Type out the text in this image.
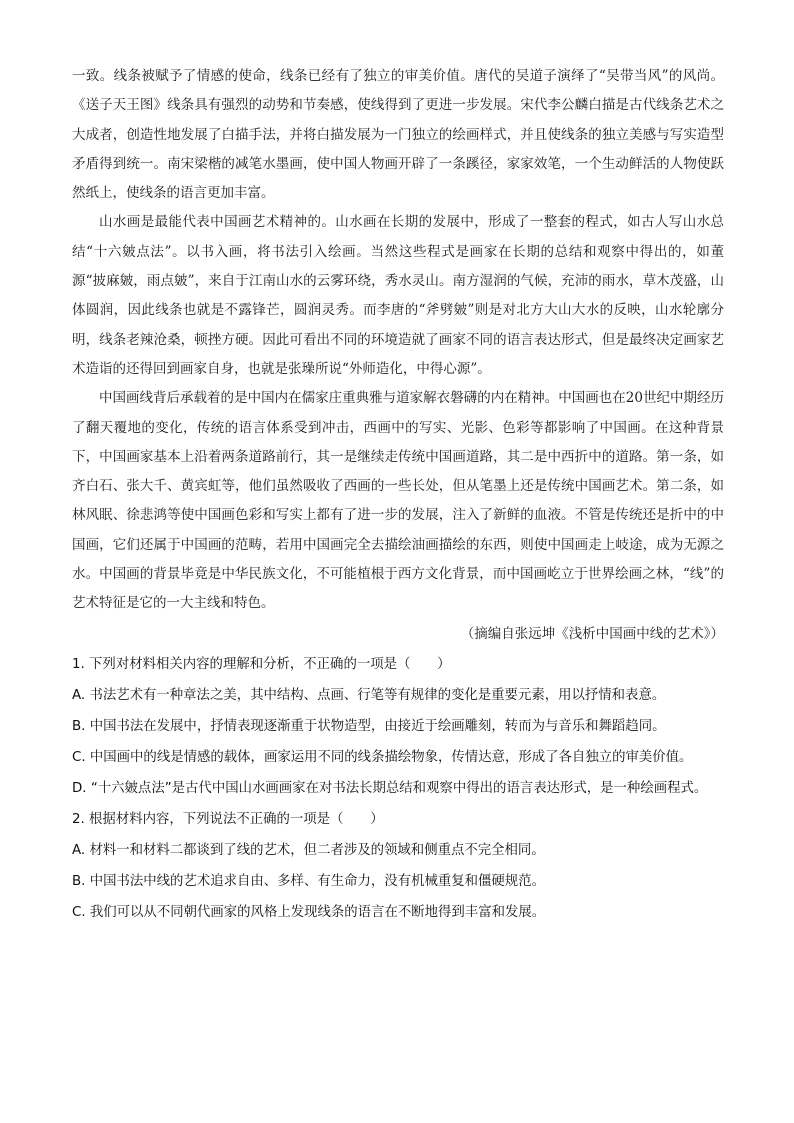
一致。线条被赋予了情感的使命，线条已经有了独立的审美价值。唐代的吴道子演绎了“吴带当风”的风尚。《送子天王图》线条具有强烈的动势和节奏感，使线得到了更进一步发展。宋代李公麟白描是古代线条艺术之大成者，创造性地发展了白描手法，并将白描发展为一门独立的绘画样式，并且使线条的独立美感与写实造型矛盾得到统一。南宋梁楷的减笔水墨画，使中国人物画开辟了一条蹊径，家家效笔，一个生动鲜活的人物使跃然纸上，使线条的语言更加丰富。

山水画是最能代表中国画艺术精神的。山水画在长期的发展中，形成了一整套的程式，如古人写山水总结“十六皴点法”。以书入画，将书法引入绘画。当然这些程式是画家在长期的总结和观察中得出的，如董源“披麻皴，雨点皴”，来自于江南山水的云雾环绕，秀水灵山。南方湿润的气候，充沛的雨水，草木茂盛，山体圆润，因此线条也就是不露锋芒，圆润灵秀。而李唐的“斧劈皴”则是对北方大山大水的反映，山水轮廓分明，线条老辣沧桑，顿挫方硬。因此可看出不同的环境造就了画家不同的语言表达形式，但是最终决定画家艺术造诣的还得回到画家自身，也就是张璪所说“外师造化，中得心源”。

中国画线背后承载着的是中国内在儒家庄重典雅与道家解衣磐礴的内在精神。中国画也在20世纪中期经历了翻天覆地的变化，传统的语言体系受到冲击，西画中的写实、光影、色彩等都影响了中国画。在这种背景下，中国画家基本上沿着两条道路前行，其一是继续走传统中国画道路，其二是中西折中的道路。第一条，如齐白石、张大千、黄宾虹等，他们虽然吸收了西画的一些长处，但从笔墨上还是传统中国画艺术。第二条，如林风眠、徐悲鸿等使中国画色彩和写实上都有了进一步的发展，注入了新鲜的血液。不管是传统还是折中的中国画，它们还属于中国画的范畴，若用中国画完全去描绘油画描绘的东西，则使中国画走上岐途，成为无源之水。中国画的背景毕竟是中华民族文化，不可能植根于西方文化背景，而中国画屹立于世界绘画之林，“线”的艺术特征是它的一大主线和特色。

（摘编自张远坤《浅析中国画中线的艺术》）

1. 下列对材料相关内容的理解和分析，不正确的一项是（　　）

A. 书法艺术有一种章法之美，其中结构、点画、行笔等有规律的变化是重要元素，用以抒情和表意。

B. 中国书法在发展中，抒情表现逐渐重于状物造型，由接近于绘画雕刻，转而为与音乐和舞蹈趋同。

C. 中国画中的线是情感的载体，画家运用不同的线条描绘物象，传情达意，形成了各自独立的审美价值。

D. “十六皴点法”是古代中国山水画画家在对书法长期总结和观察中得出的语言表达形式，是一种绘画程式。

2. 根据材料内容，下列说法不正确的一项是（　　）

A. 材料一和材料二都谈到了线的艺术，但二者涉及的领域和侧重点不完全相同。

B. 中国书法中线的艺术追求自由、多样、有生命力，没有机械重复和僵硬规范。

C. 我们可以从不同朝代画家的风格上发现线条的语言在不断地得到丰富和发展。
